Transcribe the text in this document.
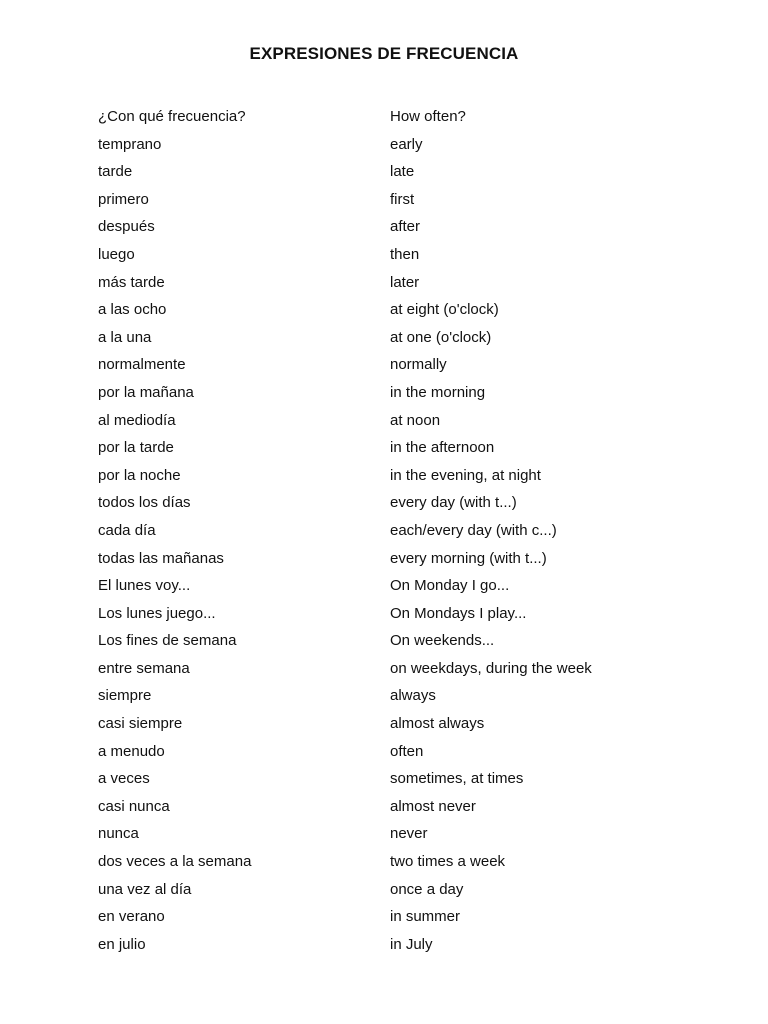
EXPRESIONES DE FRECUENCIA
¿Con qué frecuencia?	How often?
temprano	early
tarde	late
primero	first
después	after
luego	then
más tarde	later
a las ocho	at eight (o'clock)
a la una	at one (o'clock)
normalmente	normally
por la mañana	in the morning
al mediodía	at noon
por la tarde	in the afternoon
por la noche	in the evening, at night
todos los días	every day (with t...)
cada día	each/every day (with c...)
todas las mañanas	every morning (with t...)
El lunes voy...	On Monday I go...
Los lunes juego...	On Mondays I play...
Los fines de semana	On weekends...
entre semana	on weekdays, during the week
siempre	always
casi siempre	almost always
a menudo	often
a veces	sometimes, at times
casi nunca	almost never
nunca	never
dos veces a la semana	two times a week
una vez al día	once a day
en verano	in summer
en julio	in July
